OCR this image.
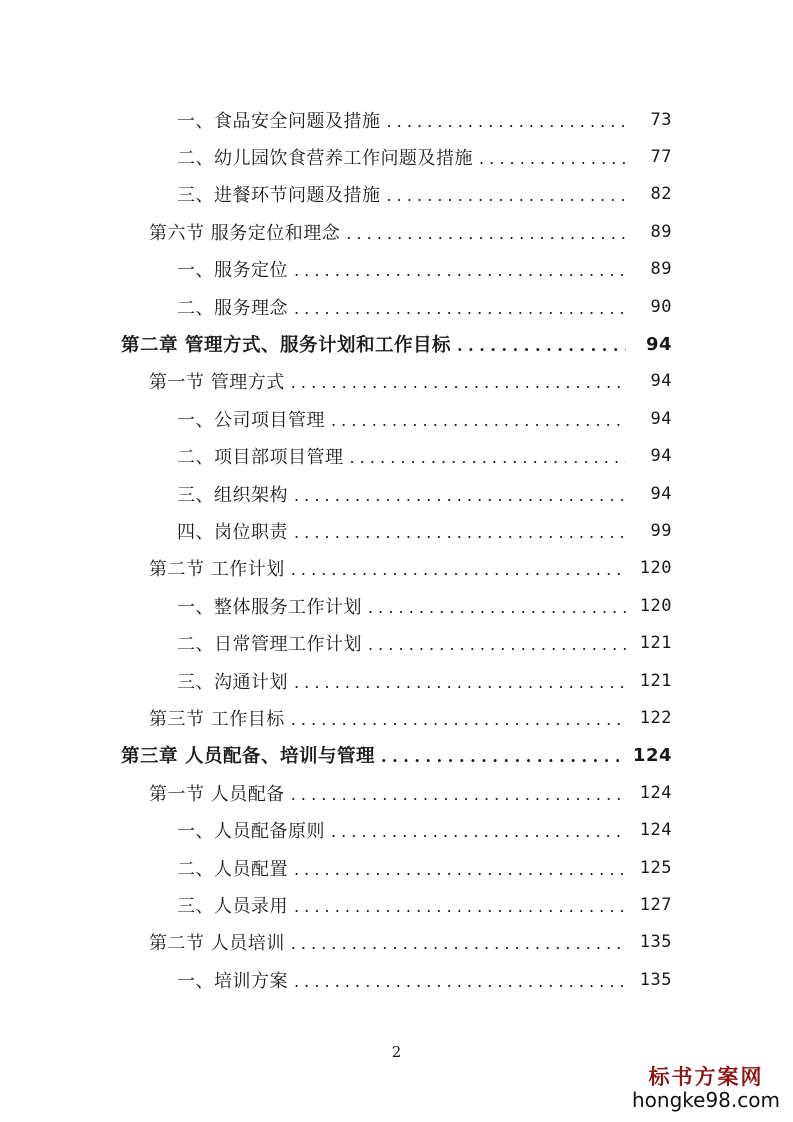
一、食品安全问题及措施 . . .	73
二、幼儿园饮食营养工作问题及措施 . . .	77
三、进餐环节问题及措施 . . .	82
第六节 服务定位和理念 . . .	89
一、服务定位 . . .	89
二、服务理念 . . .	90
第二章 管理方式、服务计划和工作目标 . . .	94
第一节 管理方式 . . .	94
一、公司项目管理 . . .	94
二、项目部项目管理 . . .	94
三、组织架构 . . .	94
四、岗位职责 . . .	99
第二节 工作计划 . . .	120
一、整体服务工作计划 . . .	120
二、日常管理工作计划 . . .	121
三、沟通计划 . . .	121
第三节 工作目标 . . .	122
第三章 人员配备、培训与管理 . . .	124
第一节 人员配备 . . .	124
一、人员配备原则 . . .	124
二、人员配置 . . .	125
三、人员录用 . . .	127
第二节 人员培训 . . .	135
一、培训方案 . . .	135
2
标书方案网
hongke98.com
